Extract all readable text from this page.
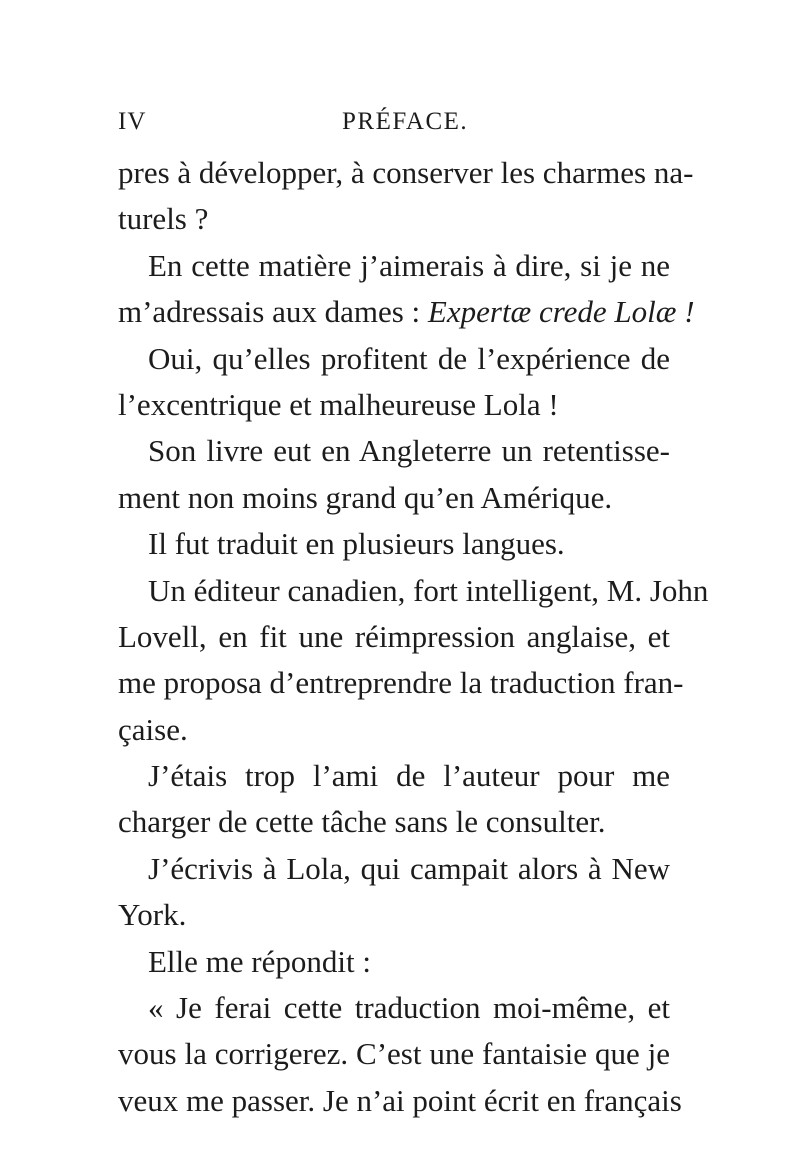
IV	PRÉFACE.
pres à développer, à conserver les charmes na-
turels ?
En cette matière j’aimerais à dire, si je ne
m’adressais aux dames : Expertæ crede Lolæ !
Oui, qu’elles profitent de l’expérience de
l’excentrique et malheureuse Lola !
Son livre eut en Angleterre un retentisse-
ment non moins grand qu’en Amérique.
Il fut traduit en plusieurs langues.
Un éditeur canadien, fort intelligent, M. John
Lovell, en fit une réimpression anglaise, et
me proposa d’entreprendre la traduction fran-
çaise.
J’étais trop l’ami de l’auteur pour me
charger de cette tâche sans le consulter.
J’écrivis à Lola, qui campait alors à New
York.
Elle me répondit :
« Je ferai cette traduction moi-même, et
vous la corrigerez. C’est une fantaisie que je
veux me passer. Je n’ai point écrit en français
